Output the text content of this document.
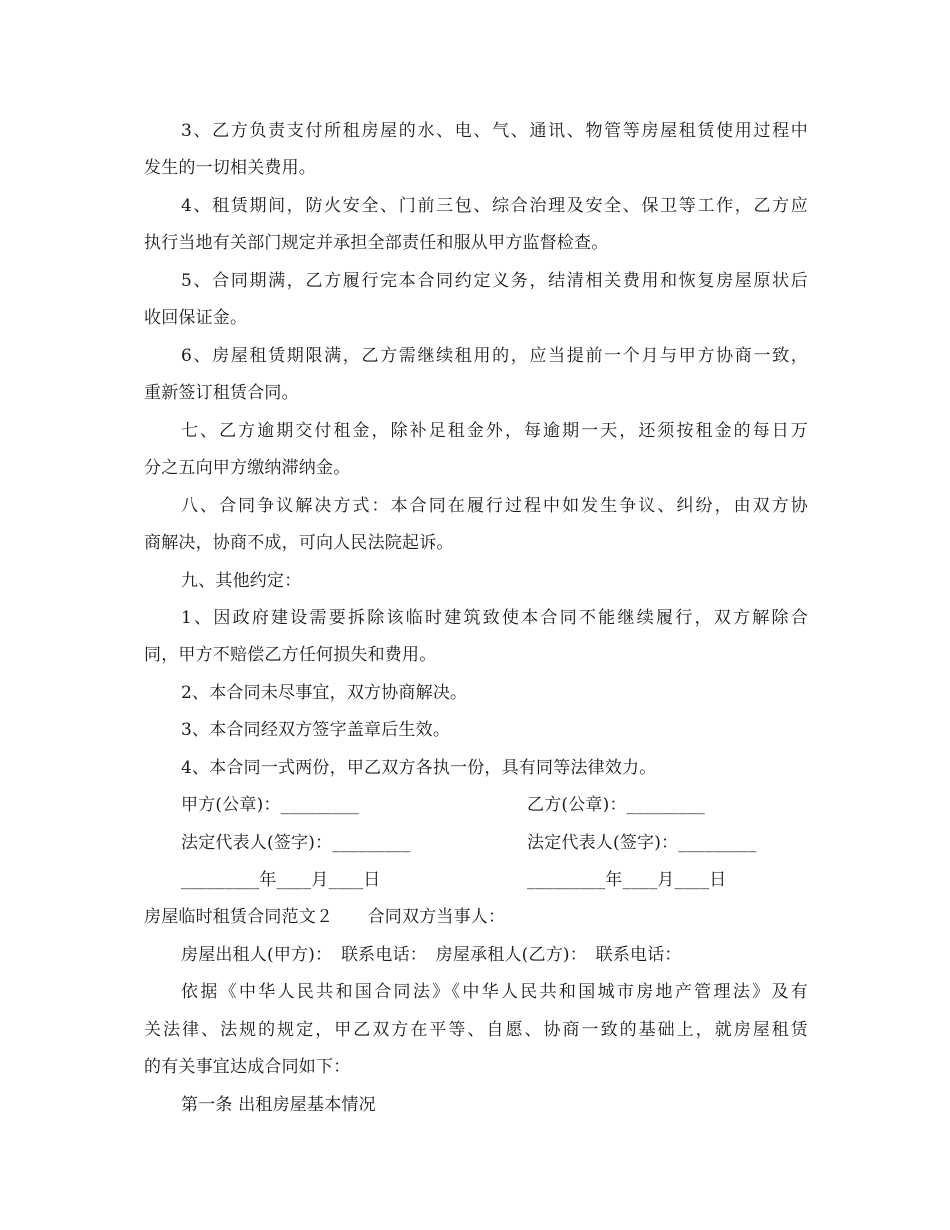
3、乙方负责支付所租房屋的水、电、气、通讯、物管等房屋租赁使用过程中
发生的一切相关费用。
4、租赁期间，防火安全、门前三包、综合治理及安全、保卫等工作，乙方应
执行当地有关部门规定并承担全部责任和服从甲方监督检查。
5、合同期满，乙方履行完本合同约定义务，结清相关费用和恢复房屋原状后
收回保证金。
6、房屋租赁期限满，乙方需继续租用的，应当提前一个月与甲方协商一致，
重新签订租赁合同。
七、乙方逾期交付租金，除补足租金外，每逾期一天，还须按租金的每日万
分之五向甲方缴纳滞纳金。
八、合同争议解决方式：本合同在履行过程中如发生争议、纠纷，由双方协
商解决，协商不成，可向人民法院起诉。
九、其他约定：
1、因政府建设需要拆除该临时建筑致使本合同不能继续履行，双方解除合
同，甲方不赔偿乙方任何损失和费用。
2、本合同未尽事宜，双方协商解决。
3、本合同经双方签字盖章后生效。
4、本合同一式两份，甲乙双方各执一份，具有同等法律效力。
甲方(公章)：_________	乙方(公章)：_________
法定代表人(签字)：_________	法定代表人(签字)：_________
_________年____月____日	_________年____月____日
房屋临时租赁合同范文２　　合同双方当事人：
房屋出租人(甲方)：　联系电话：　房屋承租人(乙方)：　联系电话：
依据《中华人民共和国合同法》《中华人民共和国城市房地产管理法》及有
关法律、法规的规定，甲乙双方在平等、自愿、协商一致的基础上，就房屋租赁
的有关事宜达成合同如下：
第一条 出租房屋基本情况
